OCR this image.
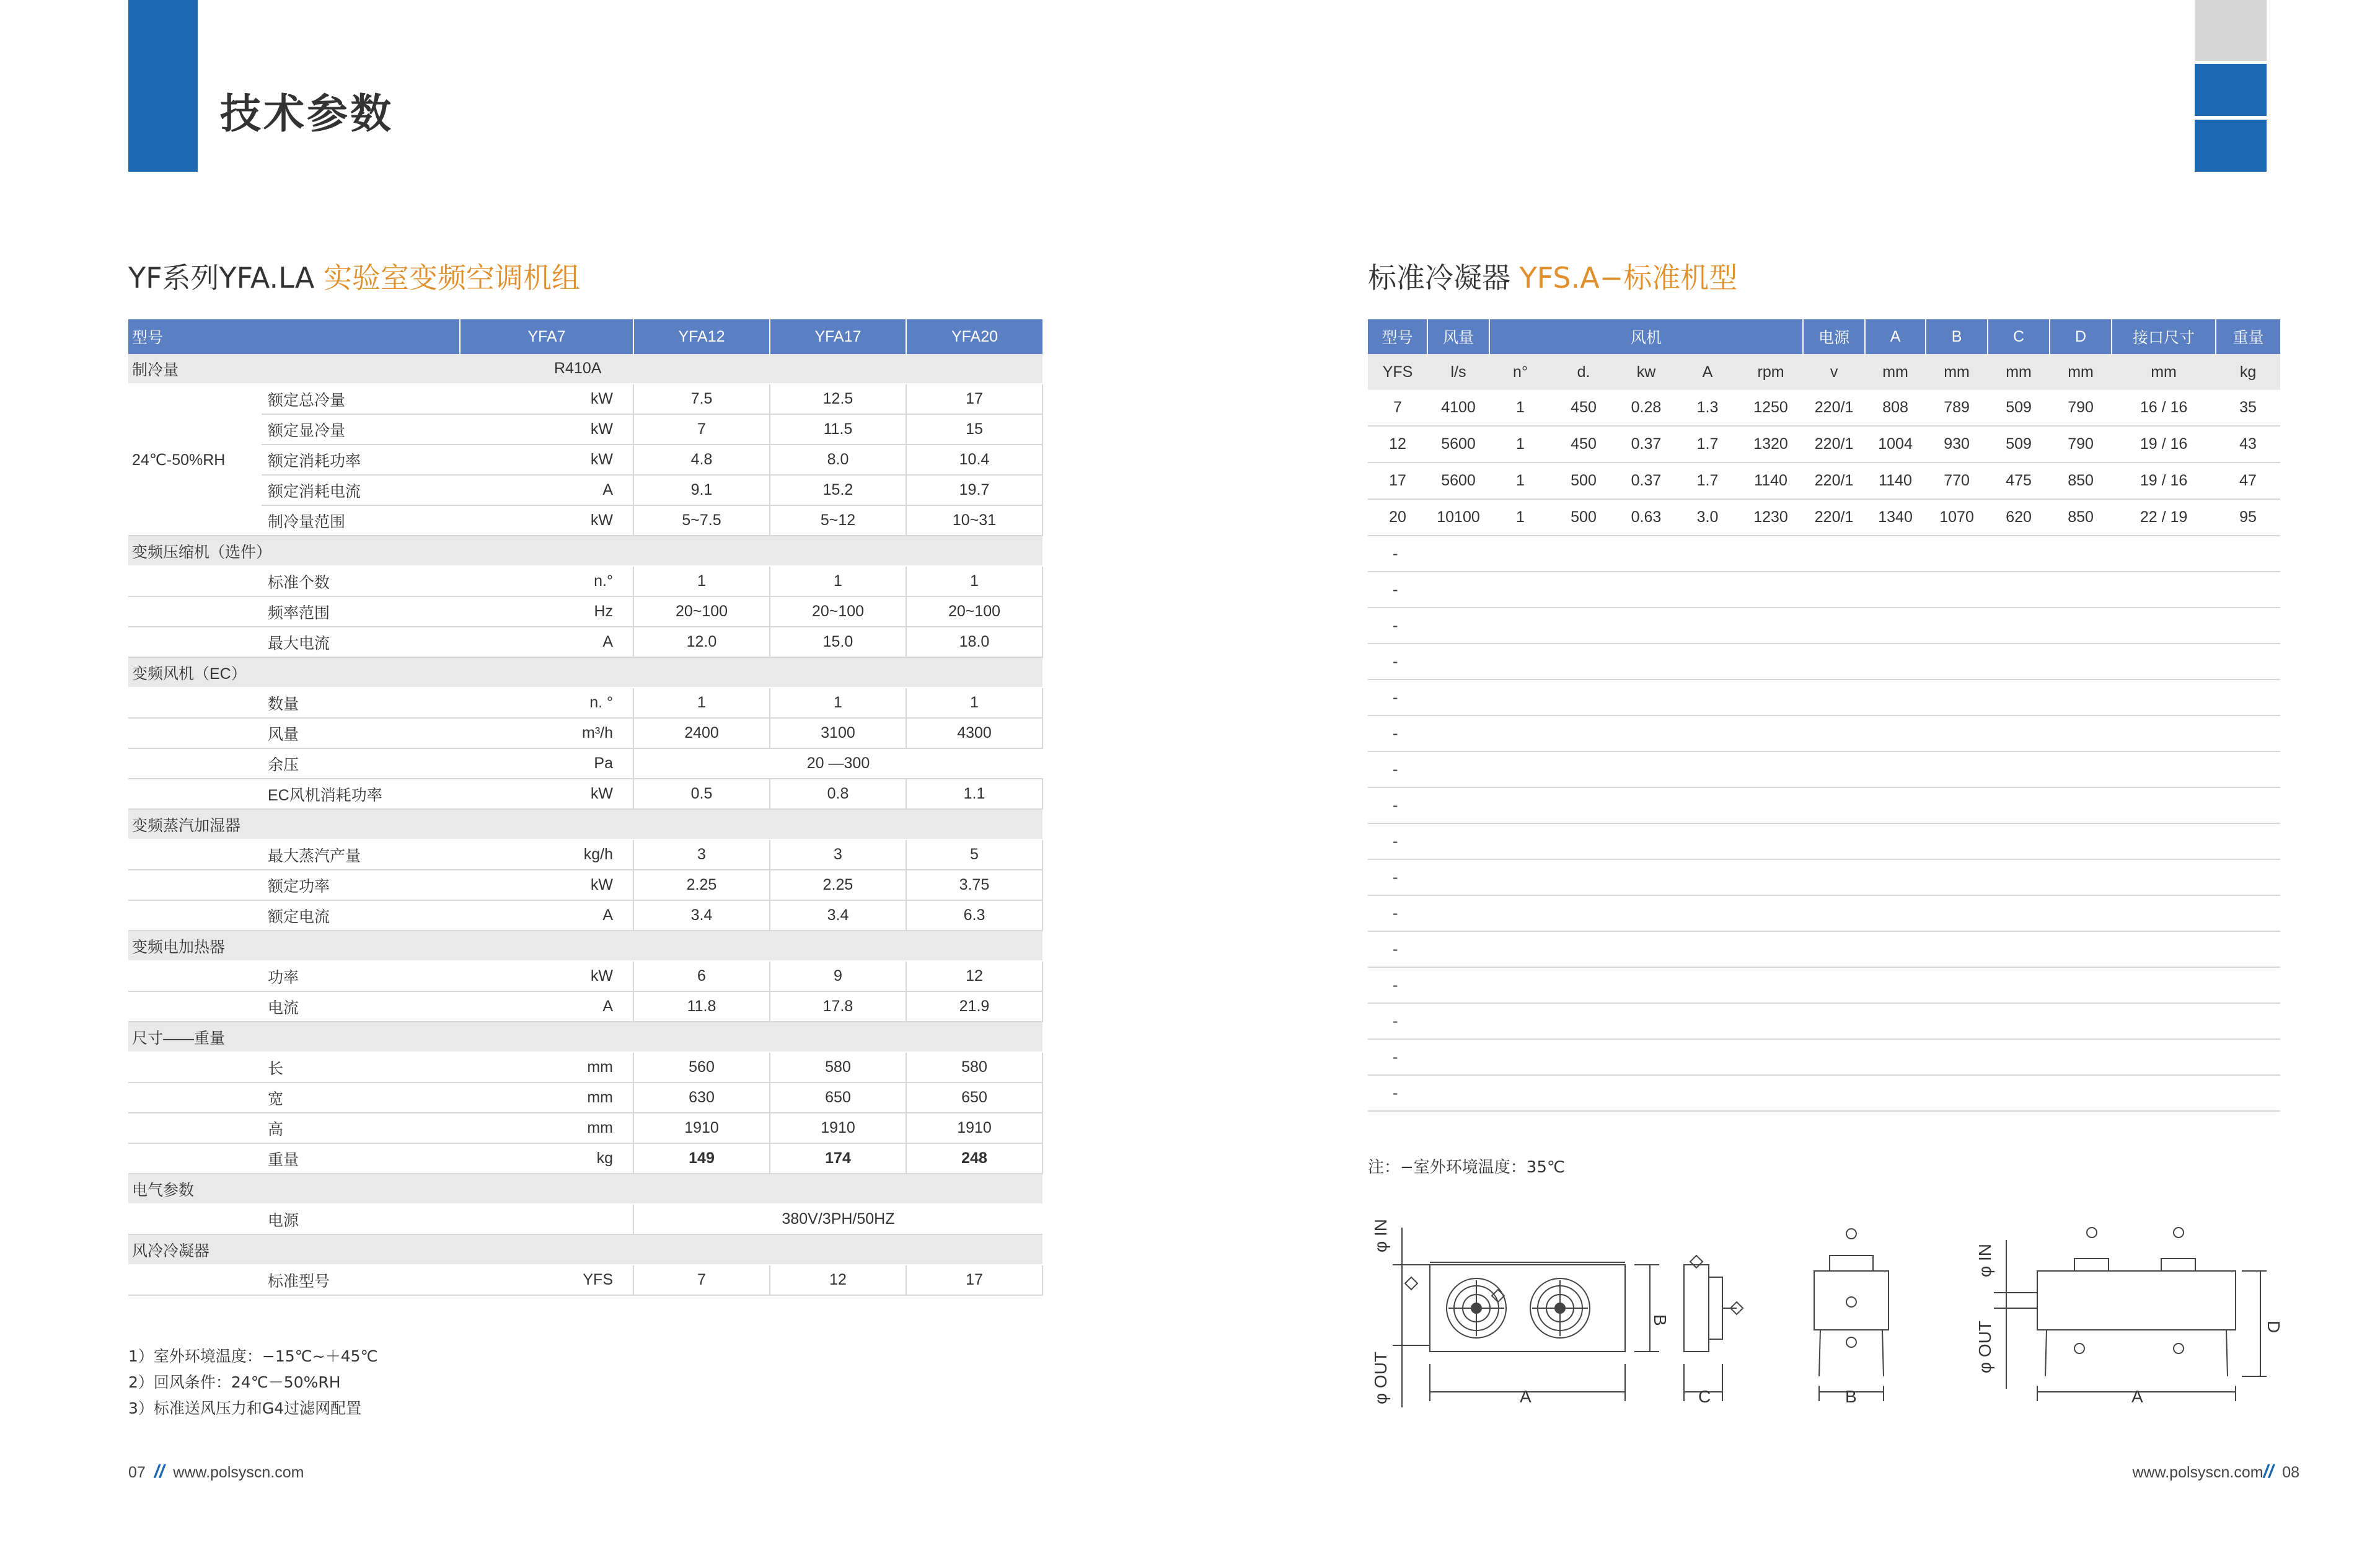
技术参数
YF系列YFA.LA 实验室变频空调机组
型号		YFA7	YFA12	YFA17	YFA20	
制冷量	R410A					
24℃-50%RH	额定总冷量	kW	7.5	12.5	17	
	额定显冷量	kW	7	11.5	15	
	额定消耗功率	kW	4.8	8.0	10.4	
	额定消耗电流	A	9.1	15.2	19.7	
	制冷量范围	kW	5~7.5	5~12	10~31	
变频压缩机（选件）						
	标准个数	n.°	1	1	1	
	频率范围	Hz	20~100	20~100	20~100	
	最大电流	A	12.0	15.0	18.0	
变频风机（EC）						
	数量	n. °	1	1	1	
	风量	m³/h	2400	3100	4300	
	余压	Pa	20 —300			
	EC风机消耗功率	kW	0.5	0.8	1.1	
变频蒸汽加湿器						
	最大蒸汽产量	kg/h	3	3	5	
	额定功率	kW	2.25	2.25	3.75	
	额定电流	A	3.4	3.4	6.3	
变频电加热器						
	功率	kW	6	9	12	
	电流	A	11.8	17.8	21.9	
尺寸——重量						
	长	mm	560	580	580	
	宽	mm	630	650	650	
	高	mm	1910	1910	1910	
	重量	kg	149	174	248	
电气参数						
	电源		380V/3PH/50HZ			
风冷冷凝器						
	标准型号	YFS	7	12	17	
1）室外环境温度：−15℃~＋45℃
2）回风条件：24℃－50%RH
3）标准送风压力和G4过滤网配置
07 // www.polsyscn.com
标准冷凝器 YFS.A−标准机型
型号	风量	风机					电源	A	B	C	D	接口尺寸	重量
YFS	l/s	n°	d.	kw	A	rpm	v	mm	mm	mm	mm	mm	kg
7	4100	1	450	0.28	1.3	1250	220/1	808	789	509	790	16 / 16	35
12	5600	1	450	0.37	1.7	1320	220/1	1004	930	509	790	19 / 16	43
17	5600	1	500	0.37	1.7	1140	220/1	1140	770	475	850	19 / 16	47
20	10100	1	500	0.63	3.0	1230	220/1	1340	1070	620	850	22 / 19	95
-													
-													
-													
-													
-													
-													
-													
-													
-													
-													
-													
-													
-													
-													
-													
-													
注：−室外环境温度：35℃
A
B
φ IN
φ OUT	C	B	A
D
φ IN
φ OUT
www.polsyscn.com// 08
